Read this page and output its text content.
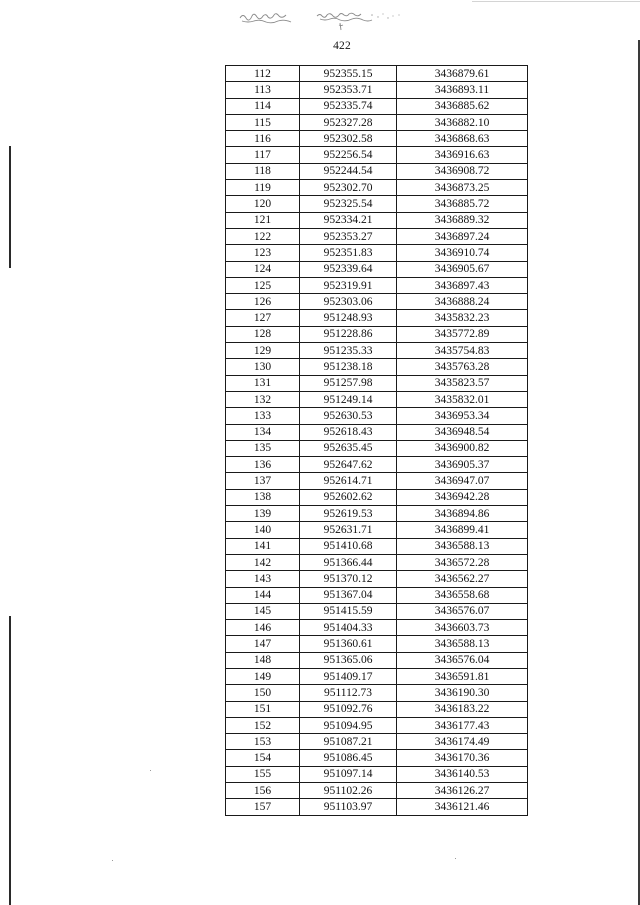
422
112	952355.15	3436879.61
113	952353.71	3436893.11
114	952335.74	3436885.62
115	952327.28	3436882.10
116	952302.58	3436868.63
117	952256.54	3436916.63
118	952244.54	3436908.72
119	952302.70	3436873.25
120	952325.54	3436885.72
121	952334.21	3436889.32
122	952353.27	3436897.24
123	952351.83	3436910.74
124	952339.64	3436905.67
125	952319.91	3436897.43
126	952303.06	3436888.24
127	951248.93	3435832.23
128	951228.86	3435772.89
129	951235.33	3435754.83
130	951238.18	3435763.28
131	951257.98	3435823.57
132	951249.14	3435832.01
133	952630.53	3436953.34
134	952618.43	3436948.54
135	952635.45	3436900.82
136	952647.62	3436905.37
137	952614.71	3436947.07
138	952602.62	3436942.28
139	952619.53	3436894.86
140	952631.71	3436899.41
141	951410.68	3436588.13
142	951366.44	3436572.28
143	951370.12	3436562.27
144	951367.04	3436558.68
145	951415.59	3436576.07
146	951404.33	3436603.73
147	951360.61	3436588.13
148	951365.06	3436576.04
149	951409.17	3436591.81
150	951112.73	3436190.30
151	951092.76	3436183.22
152	951094.95	3436177.43
153	951087.21	3436174.49
154	951086.45	3436170.36
155	951097.14	3436140.53
156	951102.26	3436126.27
157	951103.97	3436121.46
